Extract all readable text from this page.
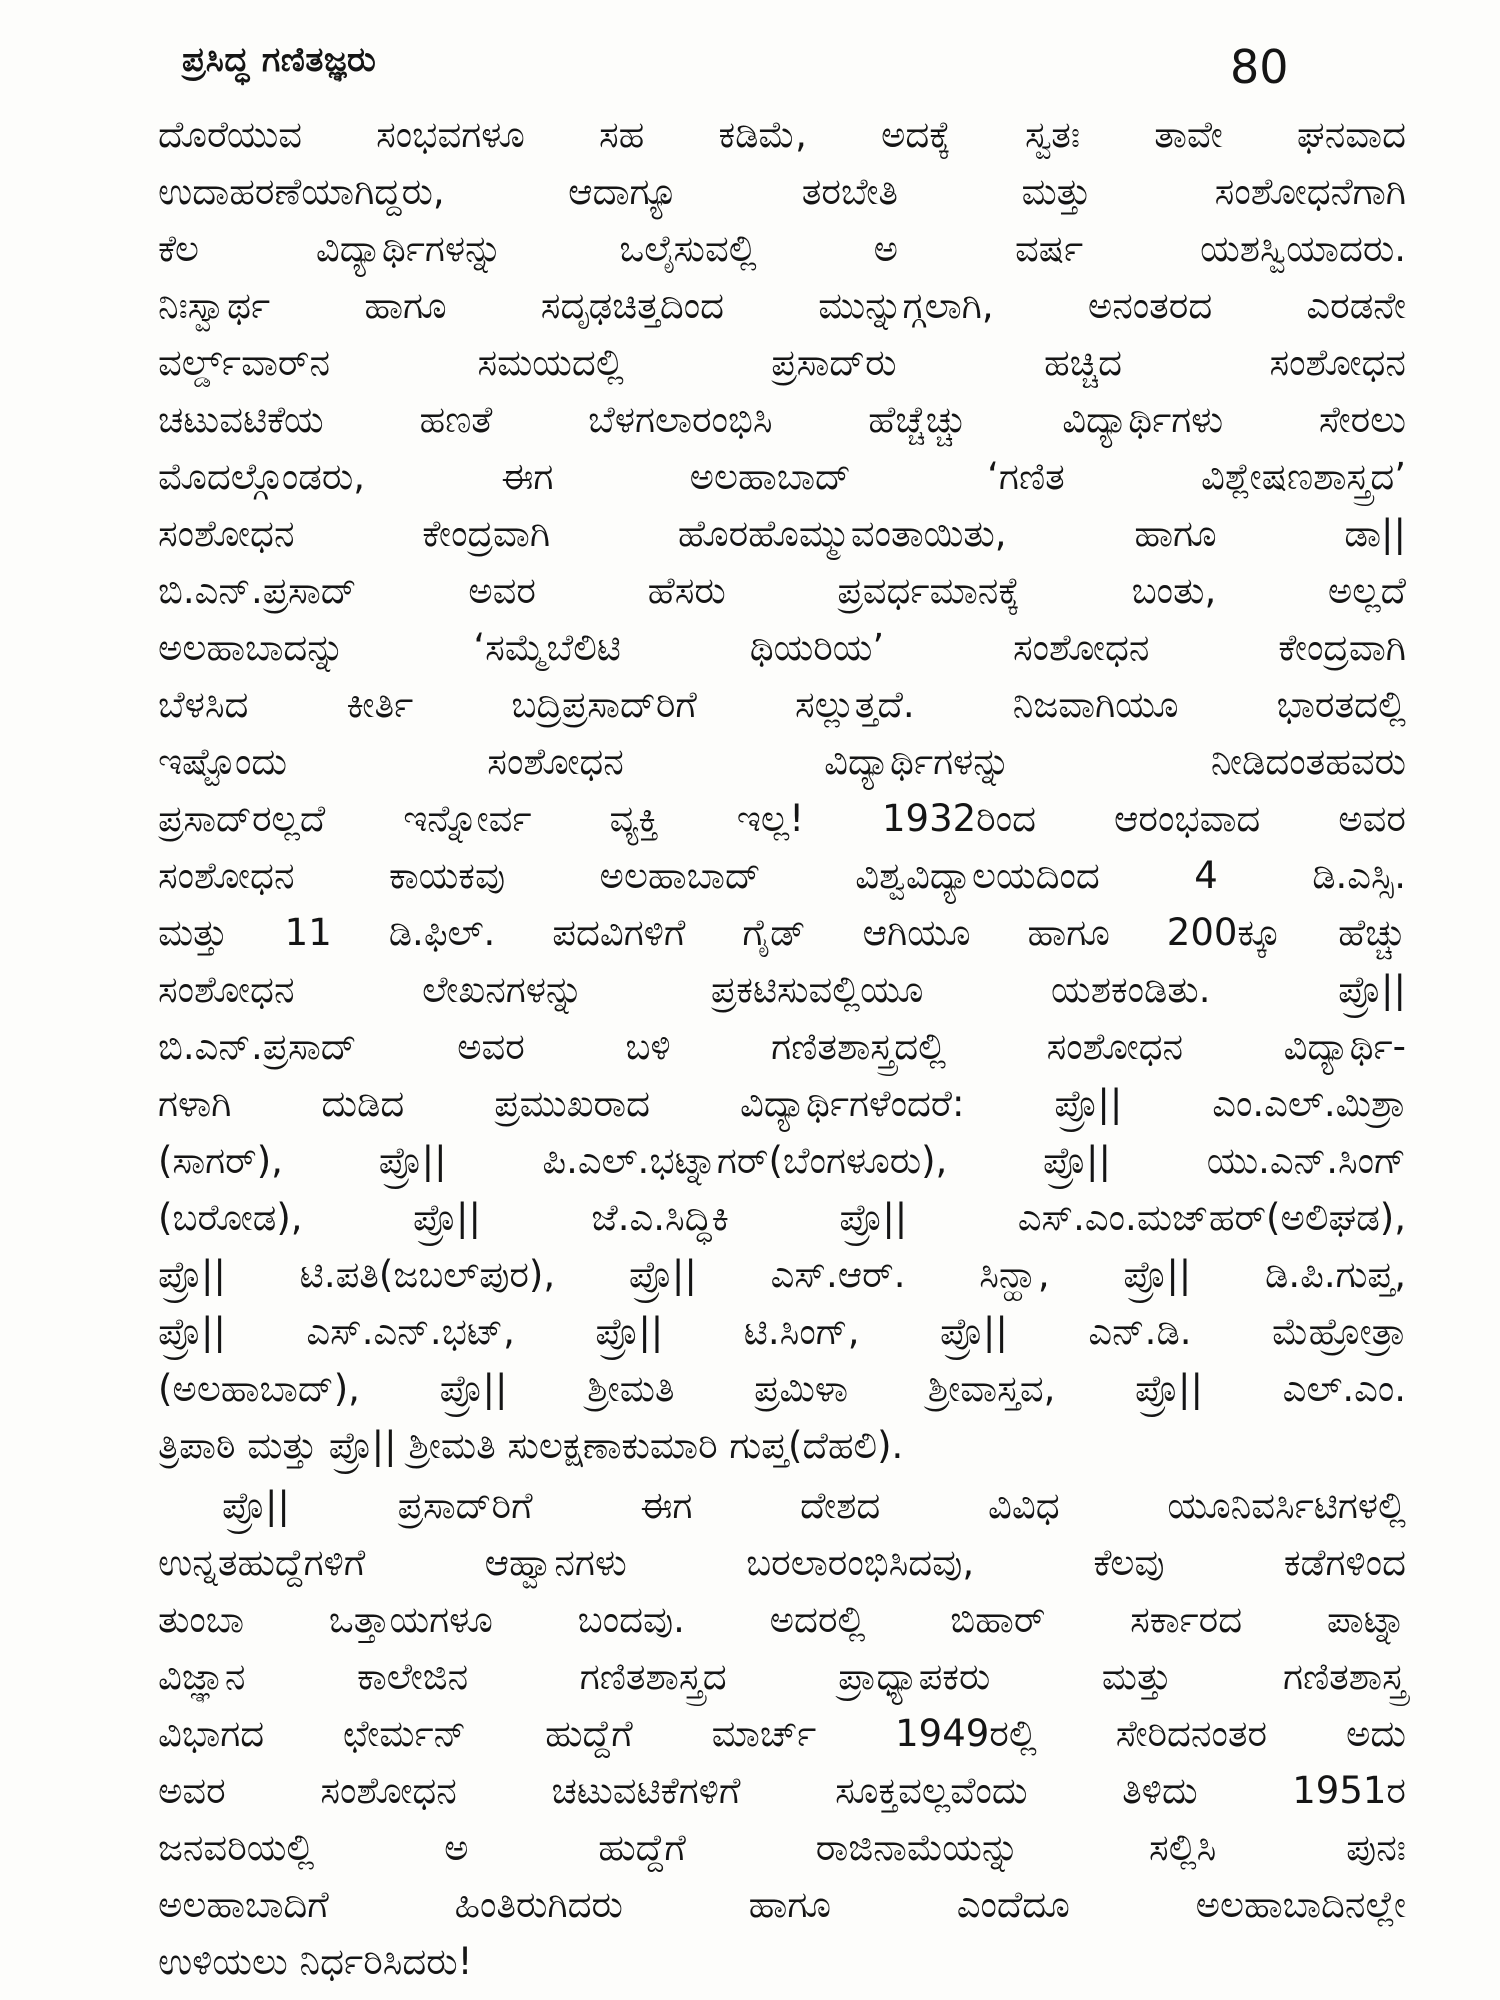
ಪ್ರಸಿದ್ಧ ಗಣಿತಜ್ಞರು	80
ದೊರೆಯುವ ಸಂಭವಗಳೂ ಸಹ ಕಡಿಮೆ, ಅದಕ್ಕೆ ಸ್ವತಃ ತಾವೇ ಘನವಾದ
ಉದಾಹರಣೆಯಾಗಿದ್ದರು, ಆದಾಗ್ಯೂ ತರಬೇತಿ ಮತ್ತು ಸಂಶೋಧನೆಗಾಗಿ
ಕೆಲ ವಿದ್ಯಾರ್ಥಿಗಳನ್ನು ಒಲೈಸುವಲ್ಲಿ ಅ ವರ್ಷ ಯಶಸ್ವಿಯಾದರು.
ನಿಃಸ್ವಾರ್ಥ ಹಾಗೂ ಸದೃಢಚಿತ್ತದಿಂದ ಮುನ್ನುಗ್ಗಲಾಗಿ, ಅನಂತರದ ಎರಡನೇ
ವರ್ಲ್ಡ್‌ವಾರ್‌ನ ಸಮಯದಲ್ಲಿ ಪ್ರಸಾದ್‌ರು ಹಚ್ಚಿದ ಸಂಶೋಧನ
ಚಟುವಟಿಕೆಯ ಹಣತೆ ಬೆಳಗಲಾರಂಭಿಸಿ ಹೆಚ್ಚೆಚ್ಚು ವಿದ್ಯಾರ್ಥಿಗಳು ಸೇರಲು
ಮೊದಲ್ಗೊಂಡರು, ಈಗ ಅಲಹಾಬಾದ್ ‘ಗಣಿತ ವಿಶ್ಲೇಷಣಶಾಸ್ತ್ರದ’
ಸಂಶೋಧನ ಕೇಂದ್ರವಾಗಿ ಹೊರಹೊಮ್ಮುವಂತಾಯಿತು, ಹಾಗೂ ಡಾ||
ಬಿ.ಎನ್.ಪ್ರಸಾದ್ ಅವರ ಹೆಸರು ಪ್ರವರ್ಧಮಾನಕ್ಕೆ ಬಂತು, ಅಲ್ಲದೆ
ಅಲಹಾಬಾದನ್ನು ‘ಸಮ್ಮೆಬೆಲಿಟಿ ಥಿಯರಿಯ’ ಸಂಶೋಧನ ಕೇಂದ್ರವಾಗಿ
ಬೆಳಸಿದ ಕೀರ್ತಿ ಬದ್ರಿಪ್ರಸಾದ್‌ರಿಗೆ ಸಲ್ಲುತ್ತದೆ. ನಿಜವಾಗಿಯೂ ಭಾರತದಲ್ಲಿ
ಇಷ್ಟೊಂದು ಸಂಶೋಧನ ವಿದ್ಯಾರ್ಥಿಗಳನ್ನು ನೀಡಿದಂತಹವರು
ಪ್ರಸಾದ್‌ರಲ್ಲದೆ ಇನ್ನೋರ್ವ ವ್ಯಕ್ತಿ ಇಲ್ಲ! 1932ರಿಂದ ಆರಂಭವಾದ ಅವರ
ಸಂಶೋಧನ ಕಾಯಕವು ಅಲಹಾಬಾದ್ ವಿಶ್ವವಿದ್ಯಾಲಯದಿಂದ 4 ಡಿ.ಎಸ್ಸಿ.
ಮತ್ತು 11 ಡಿ.ಫಿಲ್. ಪದವಿಗಳಿಗೆ ಗೈಡ್ ಆಗಿಯೂ ಹಾಗೂ 200ಕ್ಕೂ ಹೆಚ್ಚು
ಸಂಶೋಧನ ಲೇಖನಗಳನ್ನು ಪ್ರಕಟಿಸುವಲ್ಲಿಯೂ ಯಶಕಂಡಿತು. ಪ್ರೊ||
ಬಿ.ಎನ್.ಪ್ರಸಾದ್ ಅವರ ಬಳಿ ಗಣಿತಶಾಸ್ತ್ರದಲ್ಲಿ ಸಂಶೋಧನ ವಿದ್ಯಾರ್ಥಿ-
ಗಳಾಗಿ ದುಡಿದ ಪ್ರಮುಖರಾದ ವಿದ್ಯಾರ್ಥಿಗಳೆಂದರೆ: ಪ್ರೊ|| ಎಂ.ಎಲ್.ಮಿಶ್ರಾ
(ಸಾಗರ್), ಪ್ರೊ|| ಪಿ.ಎಲ್.ಭಟ್ನಾಗರ್(ಬೆಂಗಳೂರು), ಪ್ರೊ|| ಯು.ಎನ್.ಸಿಂಗ್
(ಬರೋಡ), ಪ್ರೊ|| ಜೆ.ಎ.ಸಿದ್ಧಿಕಿ ಪ್ರೊ|| ಎಸ್.ಎಂ.ಮಜ್‌ಹರ್(ಅಲಿಘಡ),
ಪ್ರೊ|| ಟಿ.ಪತಿ(ಜಬಲ್‌ಪುರ), ಪ್ರೊ|| ಎಸ್.ಆರ್. ಸಿನ್ಹಾ, ಪ್ರೊ|| ಡಿ.ಪಿ.ಗುಪ್ತ,
ಪ್ರೊ|| ಎಸ್.ಎನ್.ಭಟ್, ಪ್ರೊ|| ಟಿ.ಸಿಂಗ್, ಪ್ರೊ|| ಎನ್.ಡಿ. ಮೆಹ್ರೋತ್ರಾ
(ಅಲಹಾಬಾದ್), ಪ್ರೊ|| ಶ್ರೀಮತಿ ಪ್ರಮಿಳಾ ಶ್ರೀವಾಸ್ತವ, ಪ್ರೊ|| ಎಲ್.ಎಂ.
ತ್ರಿಪಾಠಿ ಮತ್ತು ಪ್ರೊ|| ಶ್ರೀಮತಿ ಸುಲಕ್ಷಣಾಕುಮಾರಿ ಗುಪ್ತ(ದೆಹಲಿ).
ಪ್ರೊ|| ಪ್ರಸಾದ್‌ರಿಗೆ ಈಗ ದೇಶದ ವಿವಿಧ ಯೂನಿವರ್ಸಿಟಿಗಳಲ್ಲಿ
ಉನ್ನತಹುದ್ದೆಗಳಿಗೆ ಆಹ್ವಾನಗಳು ಬರಲಾರಂಭಿಸಿದವು, ಕೆಲವು ಕಡೆಗಳಿಂದ
ತುಂಬಾ ಒತ್ತಾಯಗಳೂ ಬಂದವು. ಅದರಲ್ಲಿ ಬಿಹಾರ್ ಸರ್ಕಾರದ ಪಾಟ್ನಾ
ವಿಜ್ಞಾನ ಕಾಲೇಜಿನ ಗಣಿತಶಾಸ್ತ್ರದ ಪ್ರಾಧ್ಯಾಪಕರು ಮತ್ತು ಗಣಿತಶಾಸ್ತ್ರ
ವಿಭಾಗದ ಛೇರ್ಮನ್ ಹುದ್ದೆಗೆ ಮಾರ್ಚ್ 1949ರಲ್ಲಿ ಸೇರಿದನಂತರ ಅದು
ಅವರ ಸಂಶೋಧನ ಚಟುವಟಿಕೆಗಳಿಗೆ ಸೂಕ್ತವಲ್ಲವೆಂದು ತಿಳಿದು 1951ರ
ಜನವರಿಯಲ್ಲಿ ಅ ಹುದ್ದೆಗೆ ರಾಜಿನಾಮೆಯನ್ನು ಸಲ್ಲಿಸಿ ಪುನಃ
ಅಲಹಾಬಾದಿಗೆ ಹಿಂತಿರುಗಿದರು ಹಾಗೂ ಎಂದೆದೂ ಅಲಹಾಬಾದಿನಲ್ಲೇ
ಉಳಿಯಲು ನಿರ್ಧರಿಸಿದರು!
